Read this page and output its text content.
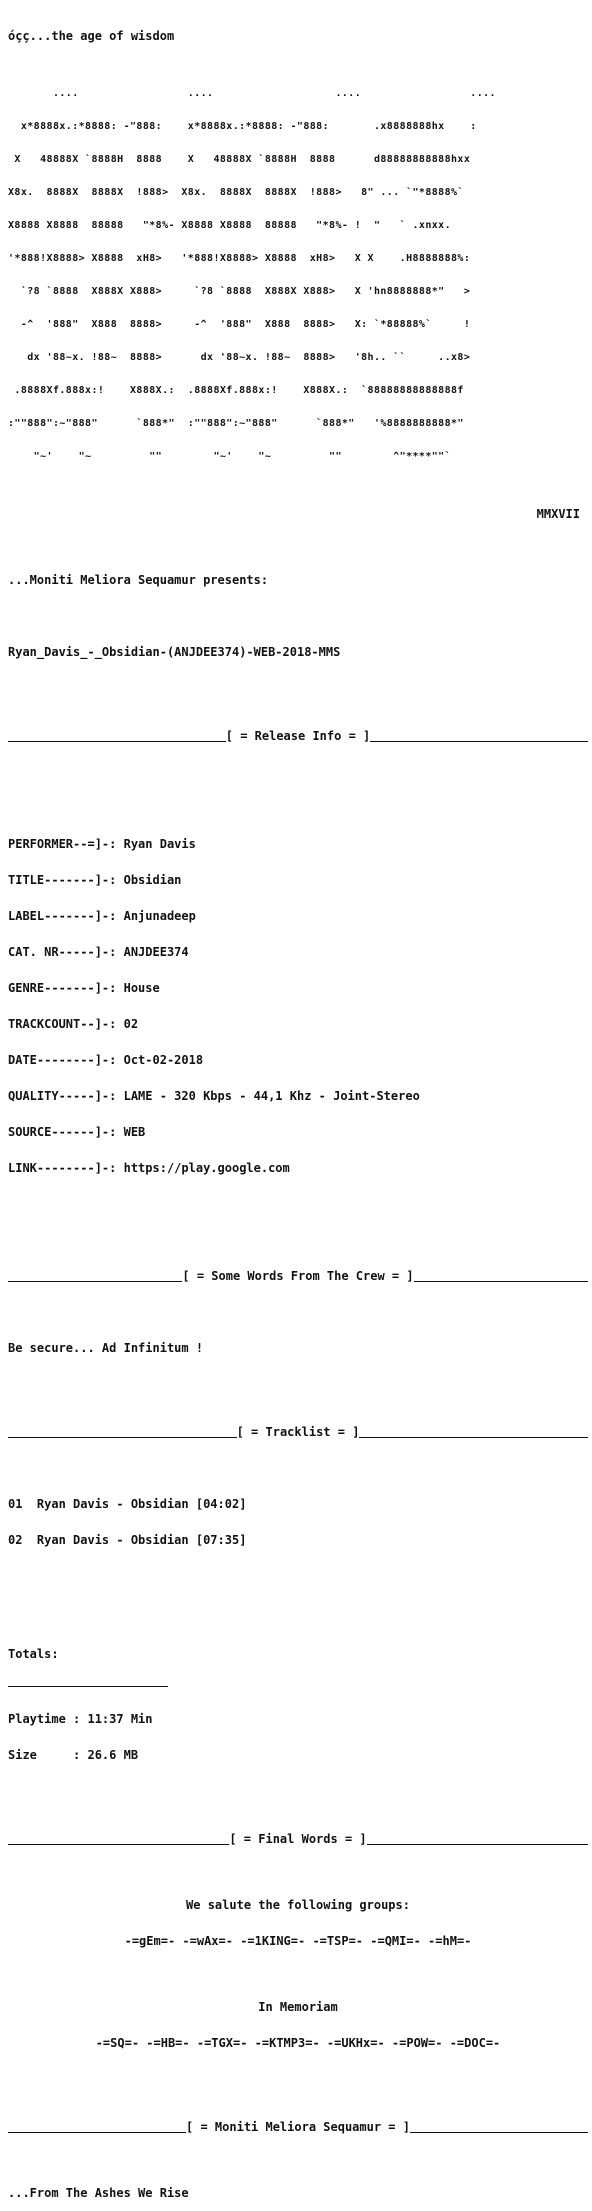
óçç...the age of wisdom

....                 ....                   ....                 ....

x*8888x.:*8888: -"888:    x*8888x.:*8888: -"888:       .x8888888hx    :

X   48888X `8888H  8888    X   48888X `8888H  8888      d88888888888hxx

X8x.  8888X  8888X  !888>  X8x.  8888X  8888X  !888>   8" ... `"*8888%`

X8888 X8888  88888   "*8%- X8888 X8888  88888   "*8%- !  "   ` .xnxx.

'*888!X8888> X8888  xH8>   '*888!X8888> X8888  xH8>   X X    .H8888888%:

`?8 `8888  X888X X888>     `?8 `8888  X888X X888>   X 'hn8888888*"   >

-^  '888"  X888  8888>     -^  '888"  X888  8888>   X: `*88888%`     !

dx '88~x. !88~  8888>      dx '88~x. !88~  8888>   '8h.. ``     ..x8>

.8888Xf.888x:!    X888X.:  .8888Xf.888x:!    X888X.:  `88888888888888f

:""888":~"888"      `888*"  :""888":~"888"      `888*"   '%8888888888*"

"~'    "~         ""        "~'    "~         ""        ^"****""`

MMXVII

...Moniti Meliora Sequamur presents:

Ryan_Davis_-_Obsidian-(ANJDEE374)-WEB-2018-MMS

[ = Release Info = ]

PERFORMER--=]-: Ryan Davis

TITLE-------]-: Obsidian

LABEL-------]-: Anjunadeep

CAT. NR-----]-: ANJDEE374

GENRE-------]-: House

TRACKCOUNT--]-: 02

DATE--------]-: Oct-02-2018

QUALITY-----]-: LAME - 320 Kbps - 44,1 Khz - Joint-Stereo

SOURCE------]-: WEB

LINK--------]-: https://play.google.com

[ = Some Words From The Crew = ]

Be secure... Ad Infinitum !

[ = Tracklist = ]

01  Ryan Davis - Obsidian [04:02]

02  Ryan Davis - Obsidian [07:35]

Totals:

Playtime : 11:37 Min

Size     : 26.6 MB

[ = Final Words = ]

We salute the following groups:

-=gEm=- -=wAx=- -=1KING=- -=TSP=- -=QMI=- -=hM=-

In Memoriam

-=SQ=- -=HB=- -=TGX=- -=KTMP3=- -=UKHx=- -=POW=- -=DOC=-

[ = Moniti Meliora Sequamur = ]

...From The Ashes We Rise
